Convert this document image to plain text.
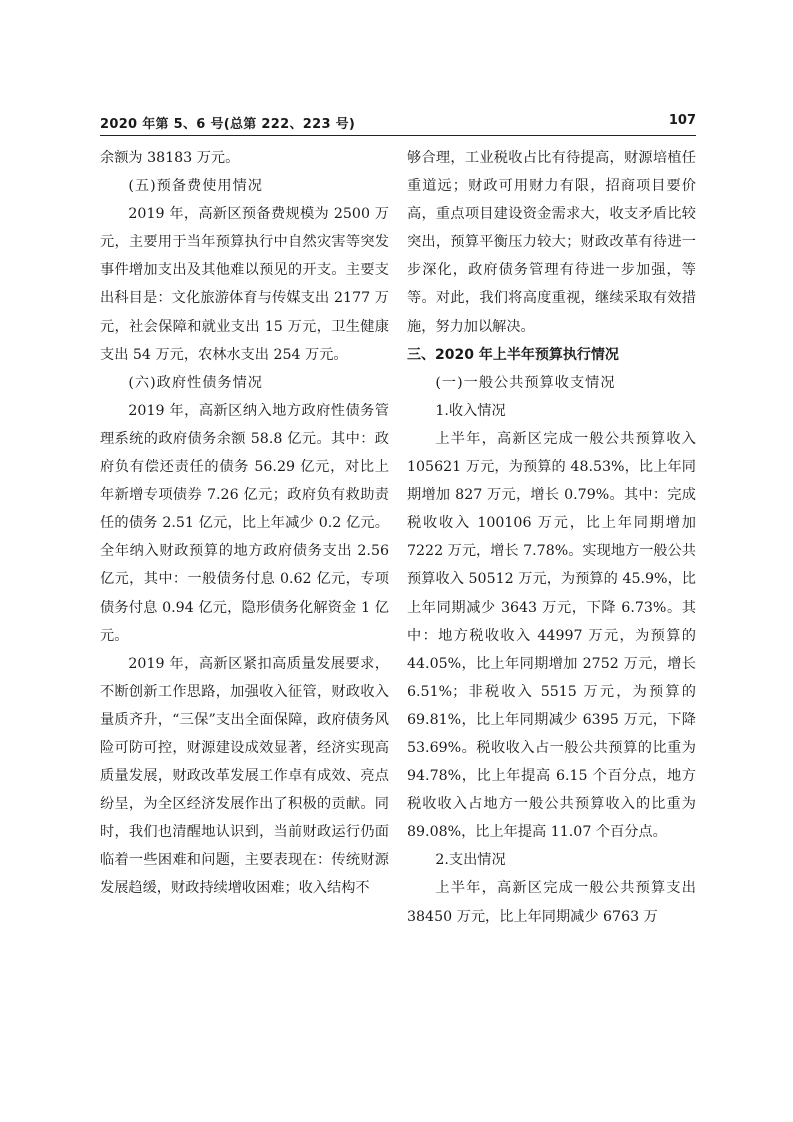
2020 年第 5、6 号(总第 222、223 号)	107

余额为 38183 万元。

(五)预备费使用情况

2019 年，高新区预备费规模为 2500 万元，主要用于当年预算执行中自然灾害等突发事件增加支出及其他难以预见的开支。主要支出科目是：文化旅游体育与传媒支出 2177 万元，社会保障和就业支出 15 万元，卫生健康支出 54 万元，农林水支出 254 万元。

(六)政府性债务情况

2019 年，高新区纳入地方政府性债务管理系统的政府债务余额 58.8 亿元。其中：政府负有偿还责任的债务 56.29 亿元，对比上年新增专项债券 7.26 亿元；政府负有救助责任的债务 2.51 亿元，比上年减少 0.2 亿元。全年纳入财政预算的地方政府债务支出 2.56 亿元，其中：一般债务付息 0.62 亿元，专项债务付息 0.94 亿元，隐形债务化解资金 1 亿元。

2019 年，高新区紧扣高质量发展要求，不断创新工作思路，加强收入征管，财政收入量质齐升，“三保”支出全面保障，政府债务风险可防可控，财源建设成效显著，经济实现高质量发展，财政改革发展工作卓有成效、亮点纷呈，为全区经济发展作出了积极的贡献。同时，我们也清醒地认识到，当前财政运行仍面临着一些困难和问题，主要表现在：传统财源发展趋缓，财政持续增收困难；收入结构不

够合理，工业税收占比有待提高，财源培植任重道远；财政可用财力有限，招商项目要价高，重点项目建设资金需求大，收支矛盾比较突出，预算平衡压力较大；财政改革有待进一步深化，政府债务管理有待进一步加强，等等。对此，我们将高度重视，继续采取有效措施，努力加以解决。

三、2020 年上半年预算执行情况

(一)一般公共预算收支情况

1.收入情况

上半年，高新区完成一般公共预算收入 105621 万元，为预算的 48.53%，比上年同期增加 827 万元，增长 0.79%。其中：完成税收收入 100106 万元，比上年同期增加 7222 万元，增长 7.78%。实现地方一般公共预算收入 50512 万元，为预算的 45.9%，比上年同期减少 3643 万元，下降 6.73%。其中：地方税收收入 44997 万元，为预算的 44.05%，比上年同期增加 2752 万元，增长 6.51%；非税收入 5515 万元，为预算的 69.81%，比上年同期减少 6395 万元，下降 53.69%。税收收入占一般公共预算的比重为 94.78%，比上年提高 6.15 个百分点，地方税收收入占地方一般公共预算收入的比重为 89.08%，比上年提高 11.07 个百分点。

2.支出情况

上半年，高新区完成一般公共预算支出 38450 万元，比上年同期减少 6763 万
